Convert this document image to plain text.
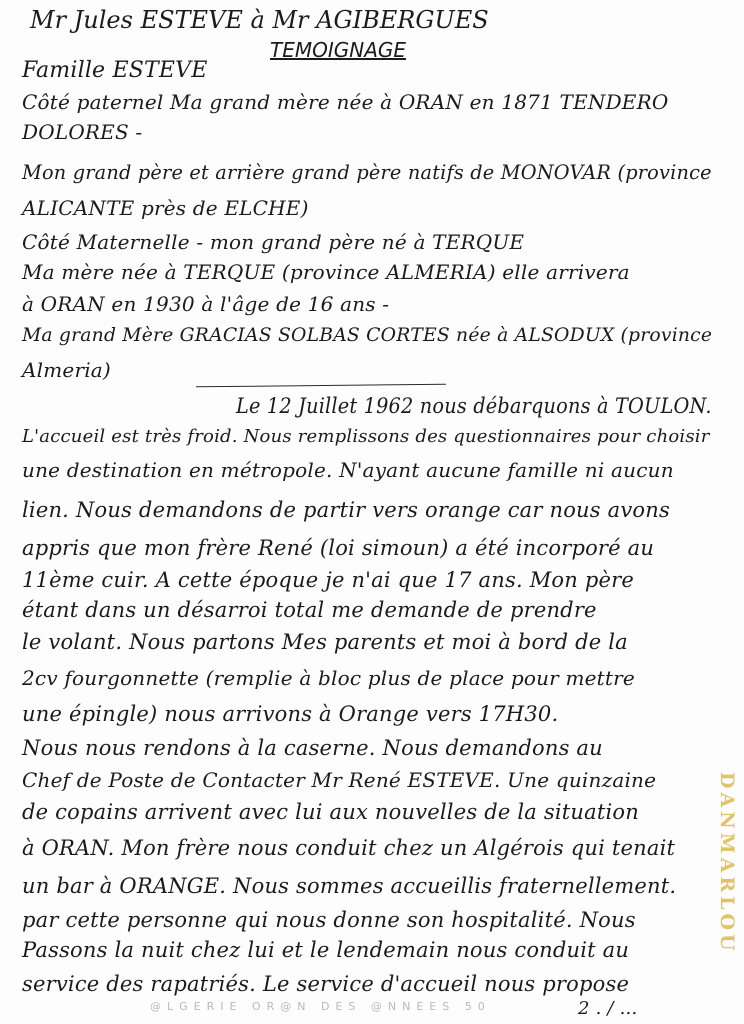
Mr Jules ESTEVE à Mr AGIBERGUES
TEMOIGNAGE
Famille ESTEVE
Côté paternel Ma grand mère née à ORAN en 1871 TENDERO
DOLORES -
Mon grand père et arrière grand père natifs de MONOVAR (province
ALICANTE près de ELCHE)
Côté Maternelle - mon grand père né à TERQUE
Ma mère née à TERQUE (province ALMERIA) elle arrivera
à ORAN en 1930 à l'âge de 16 ans -
Ma grand Mère GRACIAS SOLBAS CORTES née à ALSODUX (province
Almeria)
Le 12 Juillet 1962 nous débarquons à TOULON.
L'accueil est très froid. Nous remplissons des questionnaires pour choisir
une destination en métropole. N'ayant aucune famille ni aucun
lien. Nous demandons de partir vers orange car nous avons
appris que mon frère René (loi simoun) a été incorporé au
11ème cuir. A cette époque je n'ai que 17 ans. Mon père
étant dans un désarroi total me demande de prendre
le volant. Nous partons Mes parents et moi à bord de la
2cv fourgonnette (remplie à bloc plus de place pour mettre
une épingle) nous arrivons à Orange vers 17H30.
Nous nous rendons à la caserne. Nous demandons au
Chef de Poste de Contacter Mr René ESTEVE. Une quinzaine
de copains arrivent avec lui aux nouvelles de la situation
à ORAN. Mon frère nous conduit chez un Algérois qui tenait
un bar à ORANGE. Nous sommes accueillis fraternellement.
par cette personne qui nous donne son hospitalité. Nous
Passons la nuit chez lui et le lendemain nous conduit au
service des rapatriés. Le service d'accueil nous propose
2 . / ...
DANMARLOU
@LGERIE OR@N DES @NNEES 50
